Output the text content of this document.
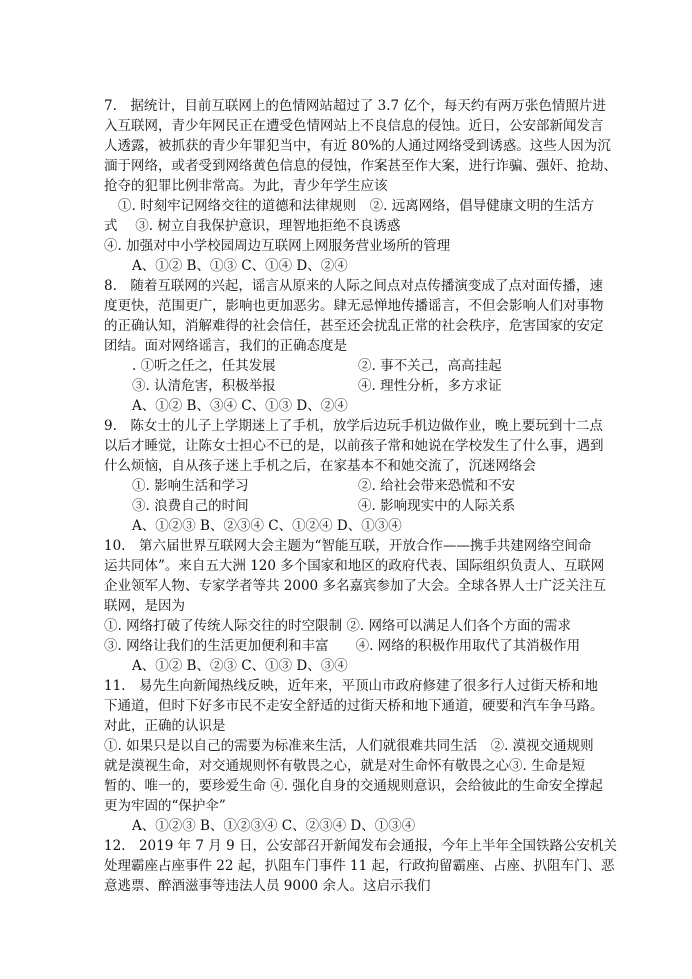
7.　据统计，目前互联网上的色情网站超过了 3.7 亿个，每天约有两万张色情照片进
入互联网，青少年网民正在遭受色情网站上不良信息的侵蚀。近日，公安部新闻发言
人透露，被抓获的青少年罪犯当中，有近 80%的人通过网络受到诱惑。这些人因为沉
湎于网络，或者受到网络黄色信息的侵蚀，作案甚至作大案，进行诈骗、强奸、抢劫、
抢夺的犯罪比例非常高。为此，青少年学生应该
①. 时刻牢记网络交往的道德和法律规则　②. 远离网络，倡导健康文明的生活方
式　 ③. 树立自我保护意识，理智地拒绝不良诱惑
④. 加强对中小学校园周边互联网上网服务营业场所的管理
A、①② B、①③ C、①④ D、②④
8.　随着互联网的兴起，谣言从原来的人际之间点对点传播演变成了点对面传播，速
度更快，范围更广，影响也更加恶劣。肆无忌惮地传播谣言，不但会影响人们对事物
的正确认知，消解难得的社会信任，甚至还会扰乱正常的社会秩序，危害国家的安定
团结。面对网络谣言，我们的正确态度是
. ①听之任之，任其发展	②. 事不关己，高高挂起
③. 认清危害，积极举报	④. 理性分析，多方求证
A、①② B、③④ C、①③ D、②④
9.　陈女士的儿子上学期迷上了手机，放学后边玩手机边做作业，晚上要玩到十二点
以后才睡觉，让陈女士担心不已的是，以前孩子常和她说在学校发生了什么事，遇到
什么烦恼，自从孩子迷上手机之后，在家基本不和她交流了，沉迷网络会
①. 影响生活和学习	②. 给社会带来恐慌和不安
③. 浪费自己的时间	④. 影响现实中的人际关系
A、①②③ B、②③④ C、①②④ D、①③④
10.　第六届世界互联网大会主题为“智能互联，开放合作——携手共建网络空间命
运共同体”。来自五大洲 120 多个国家和地区的政府代表、国际组织负责人、互联网
企业领军人物、专家学者等共 2000 多名嘉宾参加了大会。全球各界人士广泛关注互
联网，是因为
①. 网络打破了传统人际交往的时空限制 ②. 网络可以满足人们各个方面的需求
③. 网络让我们的生活更加便利和丰富　　④. 网络的积极作用取代了其消极作用
A、①② B、②③ C、①③ D、③④
11.　易先生向新闻热线反映，近年来，平顶山市政府修建了很多行人过街天桥和地
下通道，但时下好多市民不走安全舒适的过街天桥和地下通道，硬要和汽车争马路。
对此，正确的认识是
①. 如果只是以自己的需要为标准来生活，人们就很难共同生活　②. 漠视交通规则
就是漠视生命，对交通规则怀有敬畏之心，就是对生命怀有敬畏之心③. 生命是短
暂的、唯一的，要珍爱生命 ④. 强化自身的交通规则意识，会给彼此的生命安全撑起
更为牢固的“保护伞”
A、①②③ B、①②③④ C、②③④ D、①③④
12.　2019 年 7 月 9 日，公安部召开新闻发布会通报，今年上半年全国铁路公安机关
处理霸座占座事件 22 起，扒阻车门事件 11 起，行政拘留霸座、占座、扒阻车门、恶
意逃票、醉酒滋事等违法人员 9000 余人。这启示我们
